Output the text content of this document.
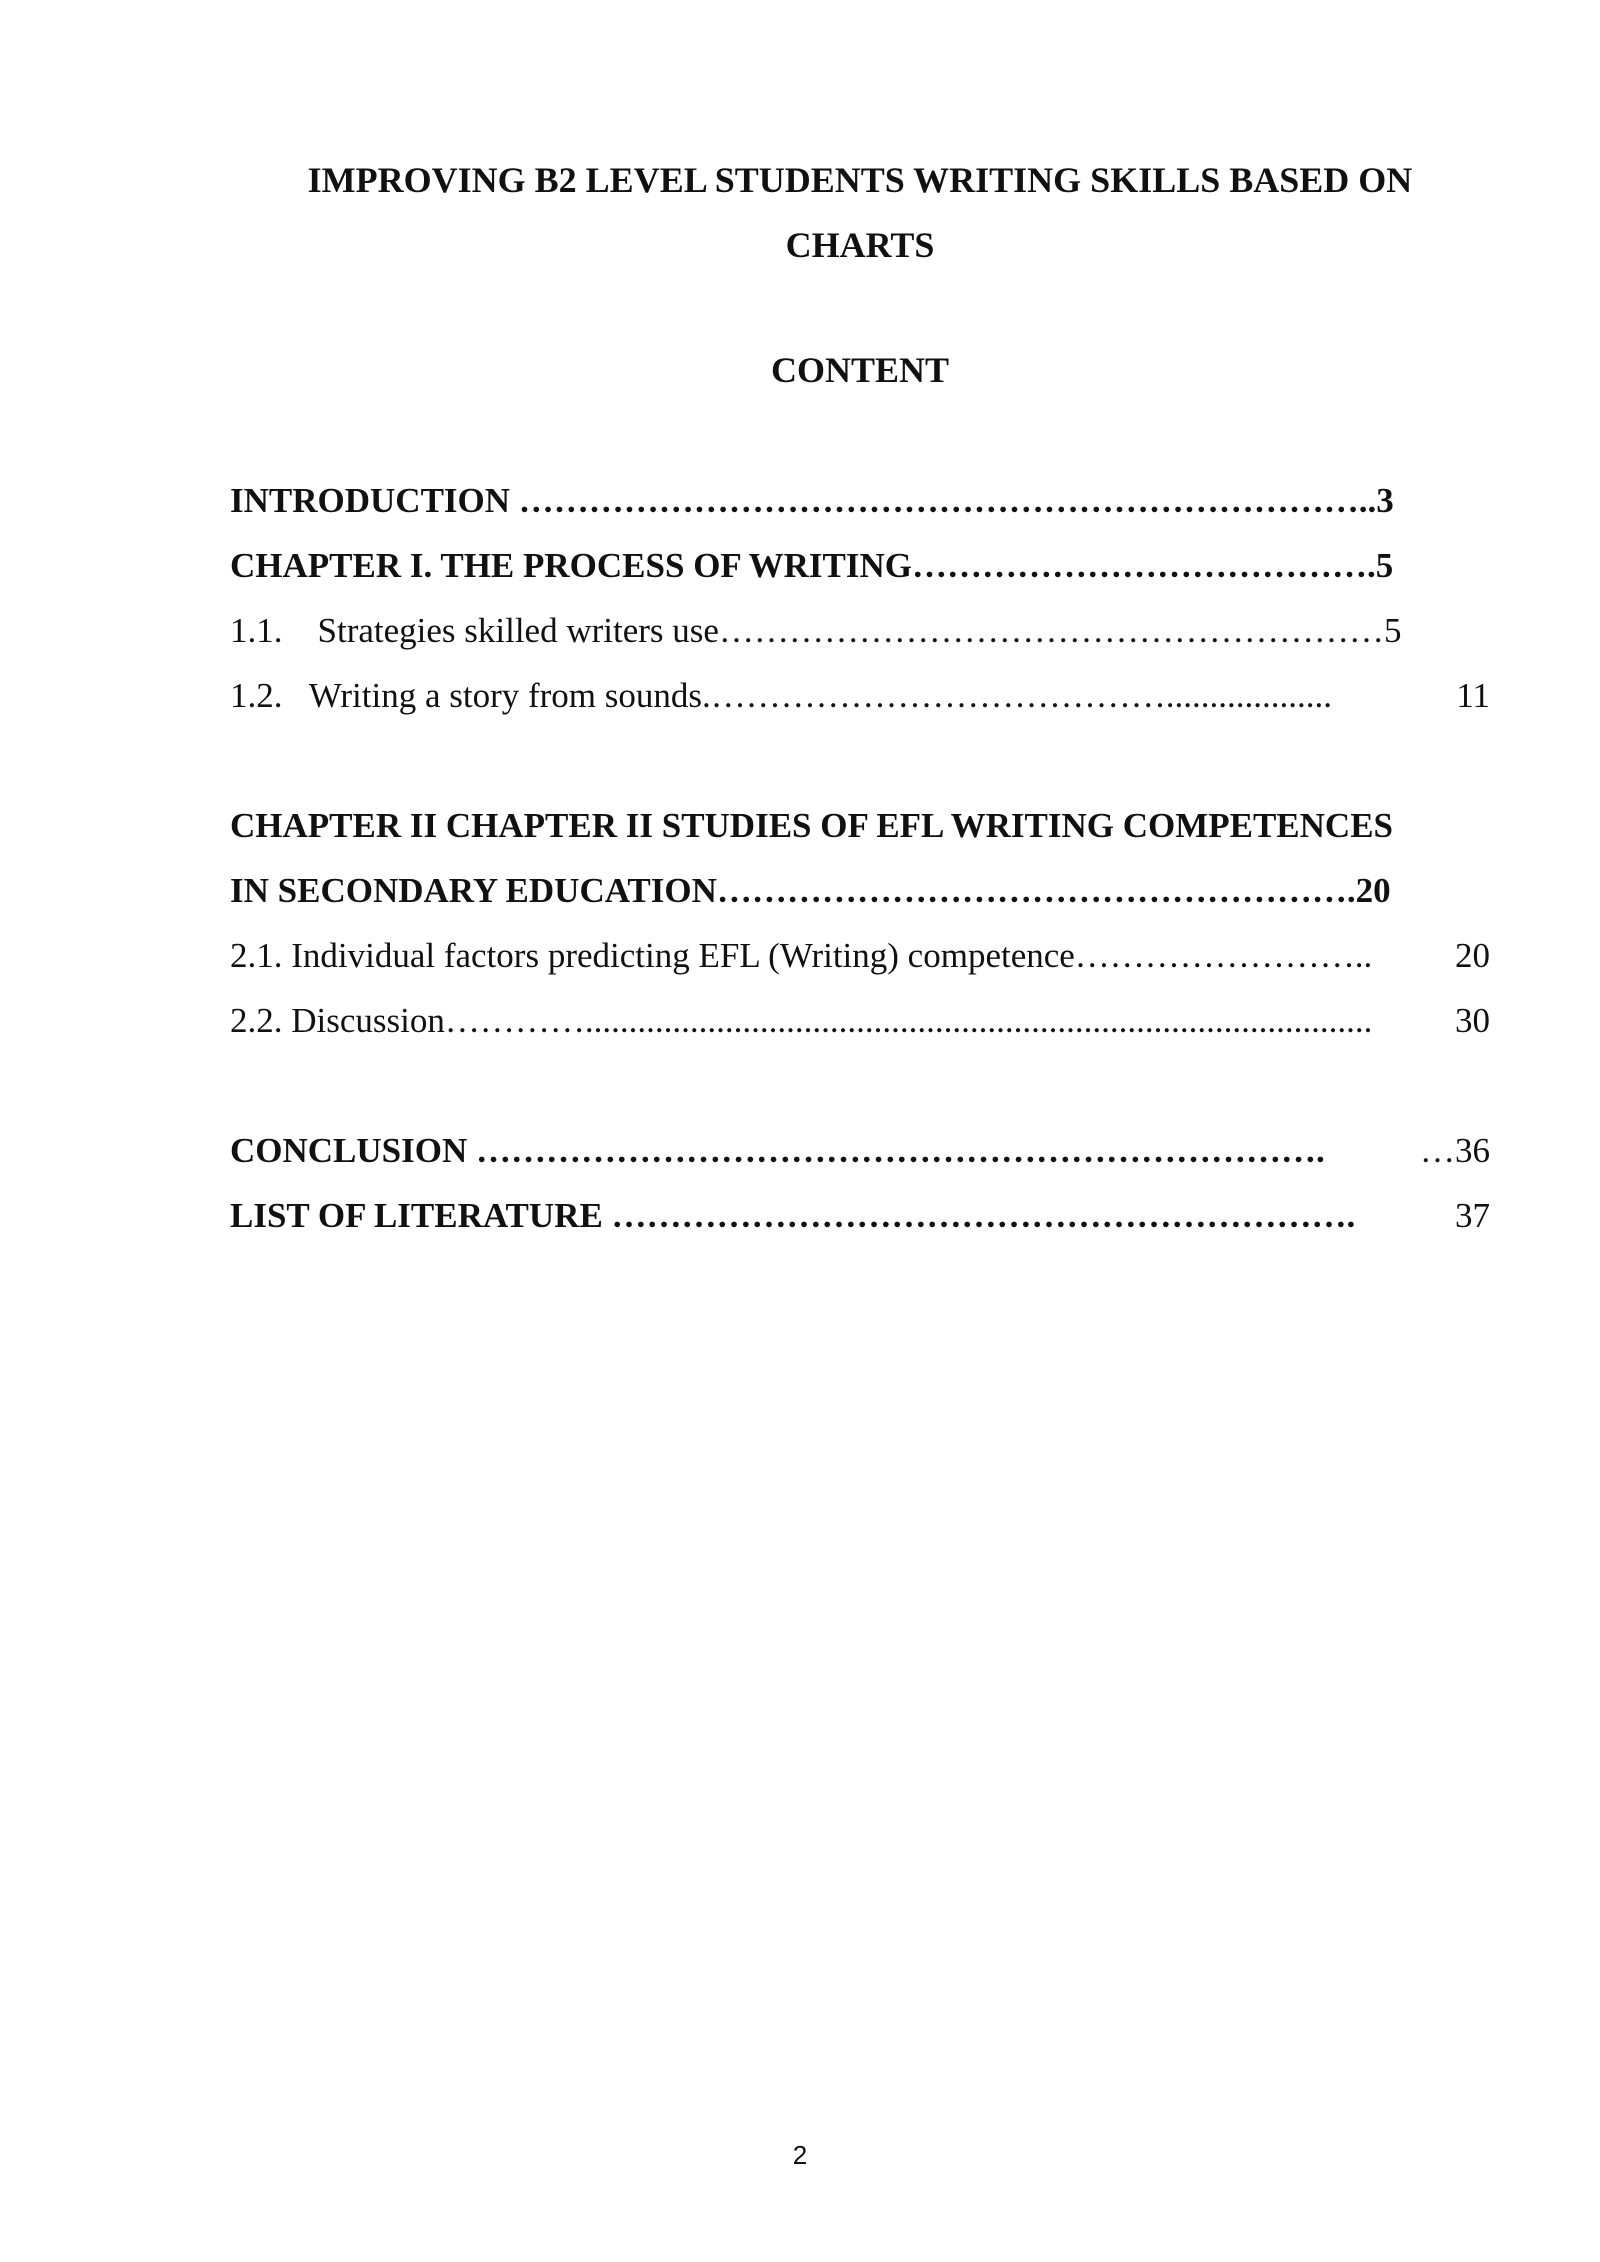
IMPROVING B2 LEVEL STUDENTS WRITING SKILLS BASED ON
CHARTS
CONTENT
INTRODUCTION ………………………………………………………………..3
CHAPTER I. THE PROCESS OF WRITING………………………………….5
1.1.    Strategies skilled writers use…………………………………………………5
1.2.   Writing a story from sounds.…………………………………...................	11
CHAPTER II CHAPTER II STUDIES OF EFL WRITING COMPETENCES
IN SECONDARY EDUCATION……………………………………………….20
2.1. Individual factors predicting EFL (Writing) competence…………………….. 20
2.2. Discussion………….......................................................................................... 30
CONCLUSION ……………………………………………………………….	…36
LIST OF LITERATURE ……………………………………………………….	37
2
